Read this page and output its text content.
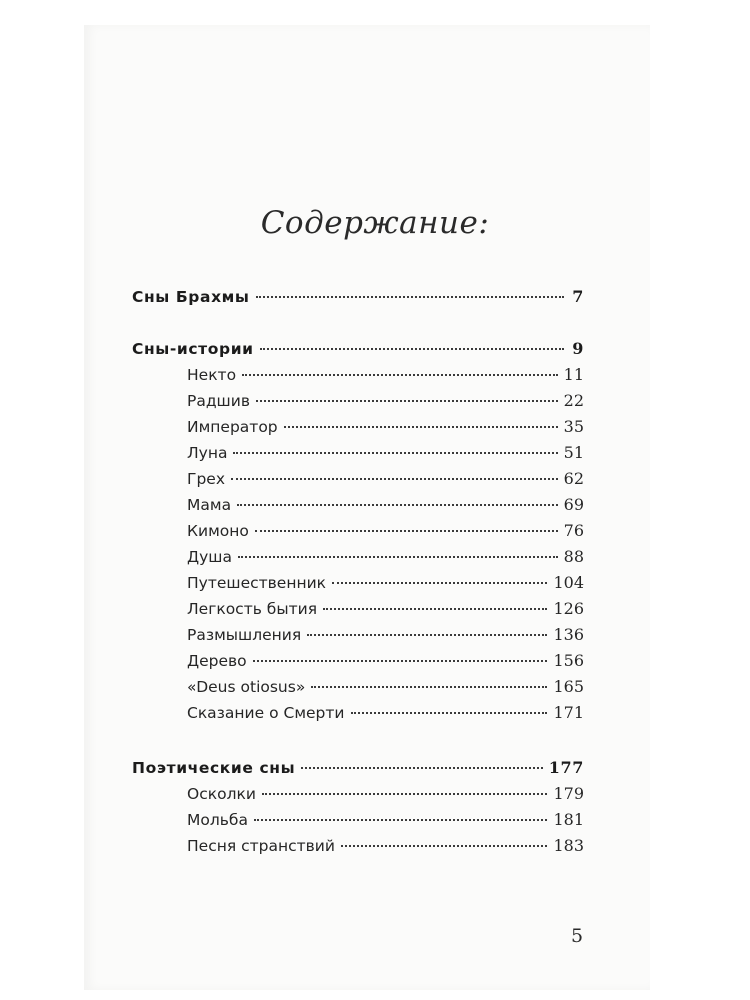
Содержание:
Сны Брахмы	7
Сны-истории	9
Некто	11
Радшив	22
Император	35
Луна	51
Грех	62
Мама	69
Кимоно	76
Душа	88
Путешественник	104
Легкость бытия	126
Размышления	136
Дерево	156
«Deus otiosus»	165
Сказание о Смерти	171
Поэтические сны	177
Осколки	179
Мольба	181
Песня странствий	183
5
